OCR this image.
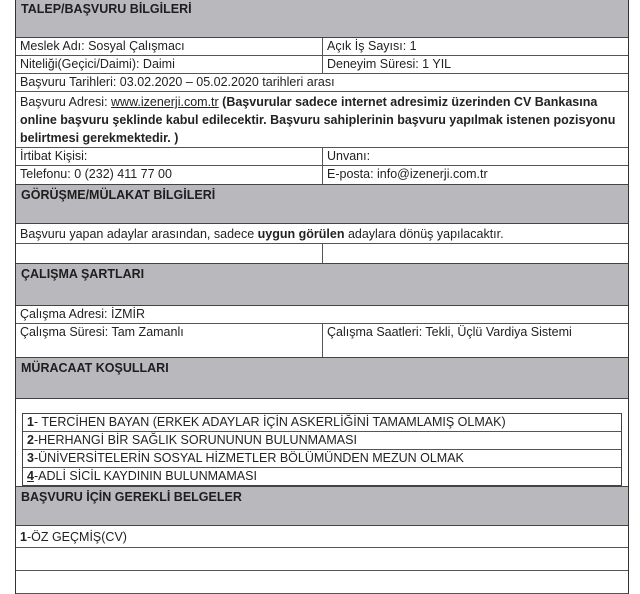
TALEP/BAŞVURU BİLGİLERİ
Meslek Adı: Sosyal Çalışmacı	Açık İş Sayısı: 1
Niteliği(Geçici/Daimi): Daimi	Deneyim Süresi: 1 YIL
Başvuru Tarihleri: 03.02.2020 – 05.02.2020 tarihleri arası
Başvuru Adresi: www.izenerji.com.tr (Başvurular sadece internet adresimiz üzerinden CV Bankasına online başvuru şeklinde kabul edilecektir. Başvuru sahiplerinin başvuru yapılmak istenen pozisyonu belirtmesi gerekmektedir. )
İrtibat Kişisi:	Unvanı:
Telefonu: 0 (232) 411 77 00	E-posta: info@izenerji.com.tr
GÖRÜŞME/MÜLAKAT BİLGİLERİ
Başvuru yapan adaylar arasından, sadece uygun görülen adaylara dönüş yapılacaktır.
ÇALIŞMA ŞARTLARI
Çalışma Adresi: İZMİR
Çalışma Süresi: Tam Zamanlı	Çalışma Saatleri: Tekli, Üçlü Vardiya Sistemi
MÜRACAAT KOŞULLARI
1- TERCİHEN BAYAN (ERKEK ADAYLAR İÇİN ASKERLİĞİNİ TAMAMLAMIŞ OLMAK)
2-HERHANGİ BİR SAĞLIK SORUNUNUN BULUNMAMASI
3-ÜNİVERSİTELERİN SOSYAL HİZMETLER BÖLÜMÜNDEN MEZUN OLMAK
4-ADLİ SİCİL KAYDININ BULUNMAMASI
BAŞVURU İÇİN GEREKLİ BELGELER
1-ÖZ GEÇMİŞ(CV)
